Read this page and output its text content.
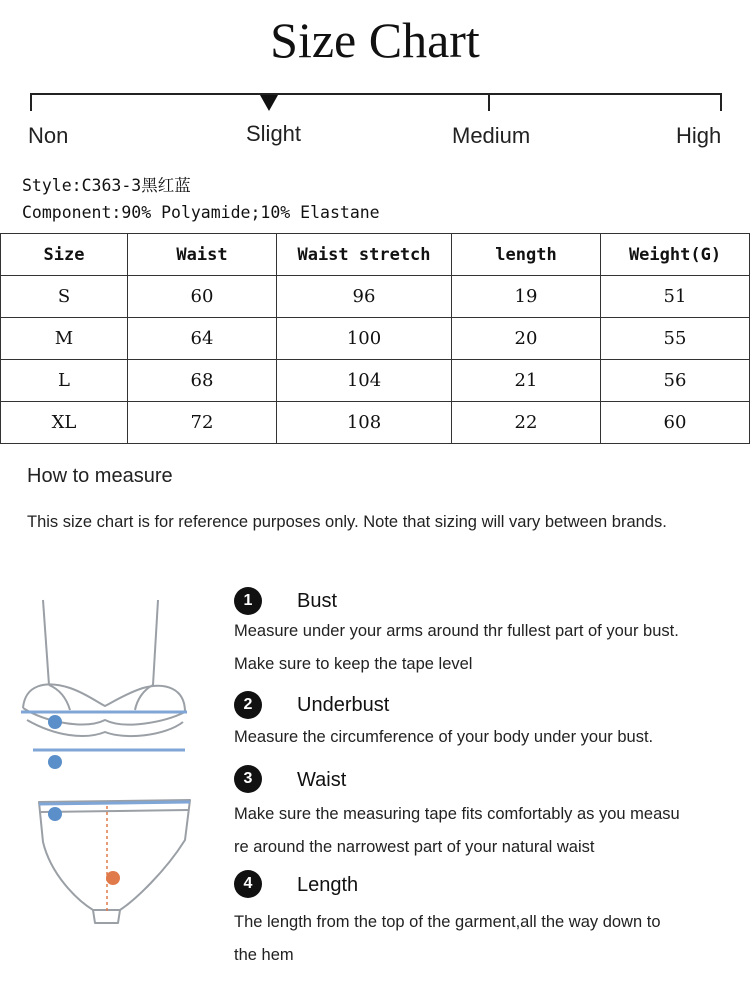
Size Chart
Non	Slight	Medium	High
Style:C363-3黑红蓝
Component:90% Polyamide;10% Elastane
Size	Waist	Waist stretch	length	Weight(G)
S	60	96	19	51
M	64	100	20	55
L	68	104	21	56
XL	72	108	22	60
How to measure
This size chart is for reference purposes only. Note that sizing will vary between brands.
1	Bust
Measure under your arms around thr fullest part of your bust.
Make sure to keep the tape level
2	Underbust
Measure the circumference of your body under your bust.
3	Waist
Make sure the measuring tape fits comfortably as you measu
re around the narrowest part of your natural waist
4	Length
The length from the top of the garment,all the way down to
the hem
